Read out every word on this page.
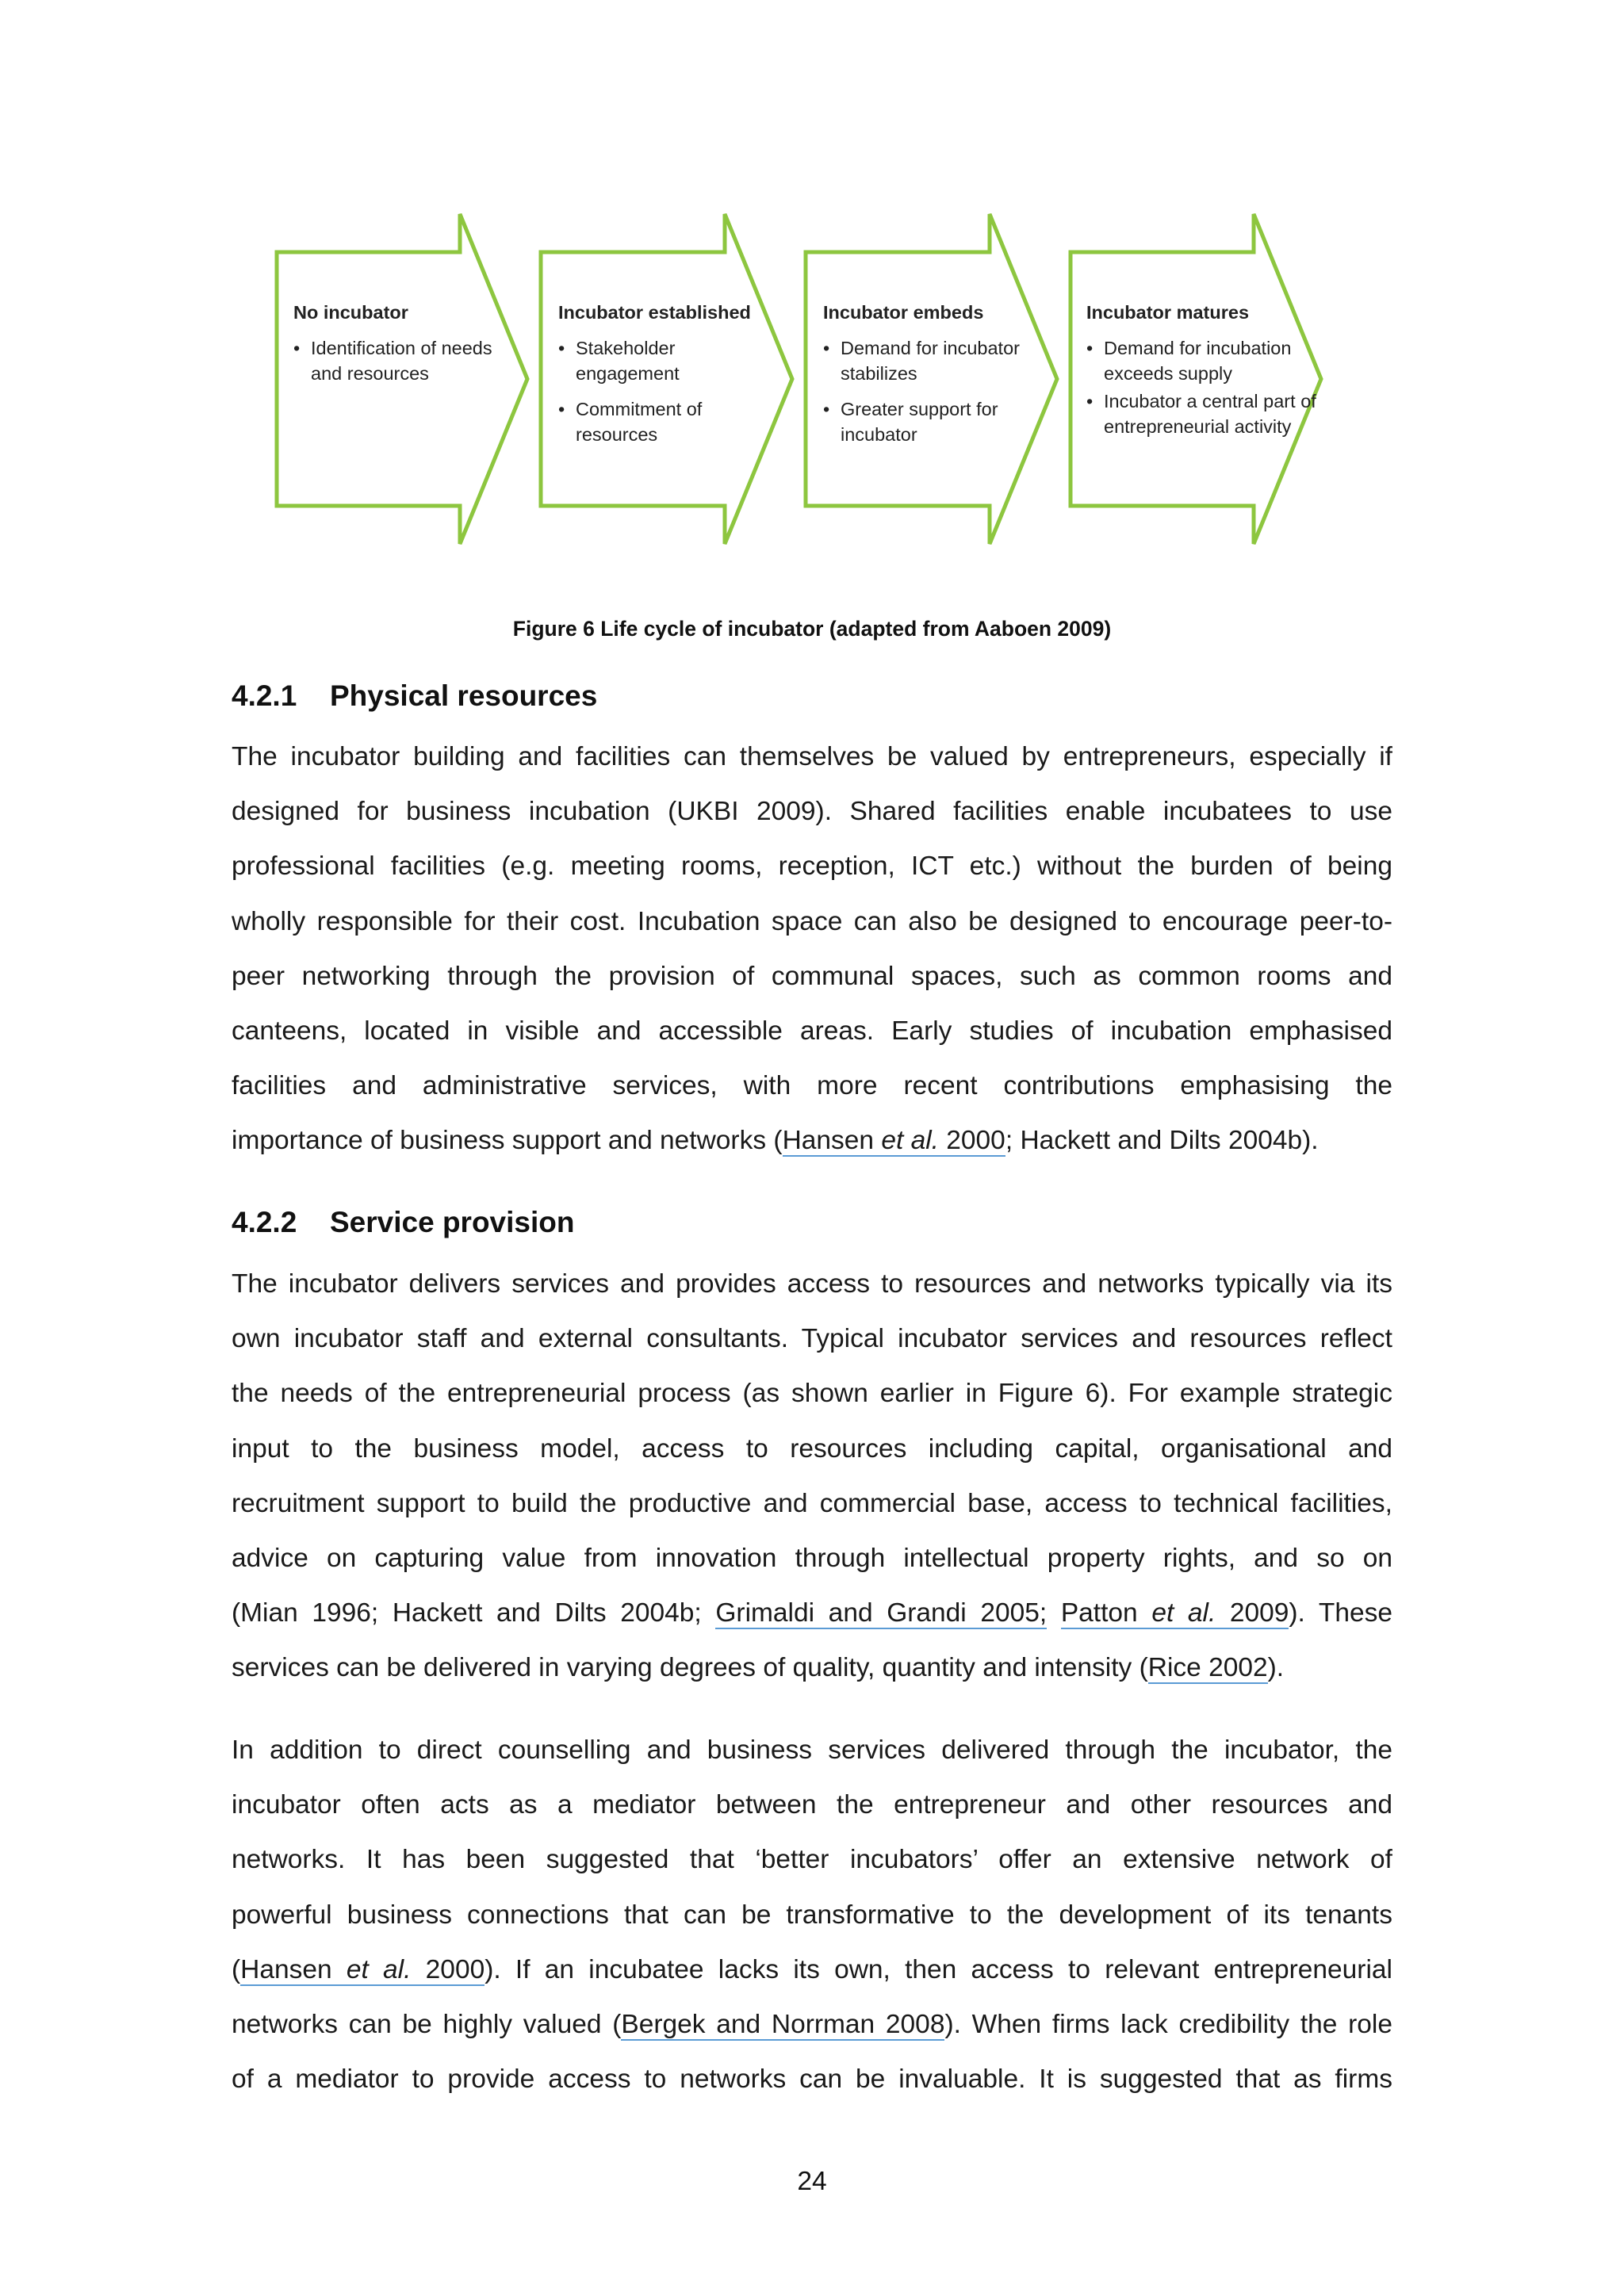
No incubator
• Identification of needs and resources
Incubator established
• Stakeholder engagement
• Commitment of resources
Incubator embeds
• Demand for incubator stabilizes
• Greater support for incubator
Incubator matures
• Demand for incubation exceeds supply
• Incubator a central part of entrepreneurial activity
Figure 6 Life cycle of incubator (adapted from Aaboen 2009)
4.2.1 Physical resources
The incubator building and facilities can themselves be valued by entrepreneurs, especially if
designed for business incubation (UKBI 2009). Shared facilities enable incubatees to use
professional facilities (e.g. meeting rooms, reception, ICT etc.) without the burden of being
wholly responsible for their cost. Incubation space can also be designed to encourage peer-to-
peer networking through the provision of communal spaces, such as common rooms and
canteens, located in visible and accessible areas. Early studies of incubation emphasised
facilities and administrative services, with more recent contributions emphasising the
importance of business support and networks (Hansen et al. 2000; Hackett and Dilts 2004b).
4.2.2 Service provision
The incubator delivers services and provides access to resources and networks typically via its
own incubator staff and external consultants. Typical incubator services and resources reflect
the needs of the entrepreneurial process (as shown earlier in Figure 6). For example strategic
input to the business model, access to resources including capital, organisational and
recruitment support to build the productive and commercial base, access to technical facilities,
advice on capturing value from innovation through intellectual property rights, and so on
(Mian 1996; Hackett and Dilts 2004b; Grimaldi and Grandi 2005; Patton et al. 2009). These
services can be delivered in varying degrees of quality, quantity and intensity (Rice 2002).
In addition to direct counselling and business services delivered through the incubator, the
incubator often acts as a mediator between the entrepreneur and other resources and
networks. It has been suggested that ‘better incubators’ offer an extensive network of
powerful business connections that can be transformative to the development of its tenants
(Hansen et al. 2000). If an incubatee lacks its own, then access to relevant entrepreneurial
networks can be highly valued (Bergek and Norrman 2008). When firms lack credibility the role
of a mediator to provide access to networks can be invaluable. It is suggested that as firms
24
